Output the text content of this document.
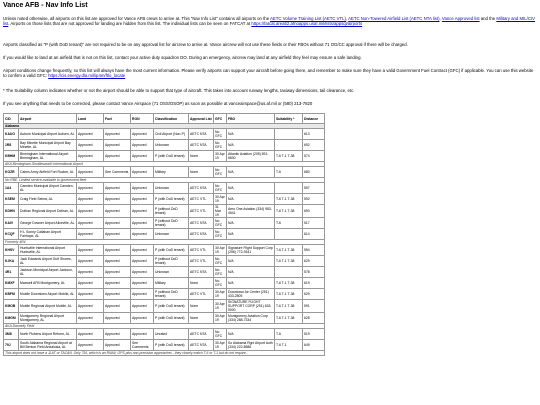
Vance AFB - Nav Info List
Unless noted otherwise, all airports on this list are approved for Vance AFB crews to arrive at. This "Nav Info List" contains all airports on the AETC Volume Training List (AETC VTL), AETC Non-Towered Airfield List (AETC NTA list), Vance Approved list and the Military and MIL/CIV list. Airports on those lists that are not approved for landing are hidden from this list. The individual lists can be seen on FATCAT at https://fatcat.area52.afnoapps.usaf.mil/lists/appsql/airports
Airports classified as "P (with DoD tenant)" are not required to be on any approval list for aircrew to arrive at. Vance aircrew will not use these fields or their FBOs without 71 OG/CC approval if there will be charged.
If you would like to land at an airfield that is not on this list, contact your active duty squadron DO. During an emergency, aircrew may land at any airfield they feel may ensure a safe landing.
Airport conditions change frequently, so this list will always have the most current information. Please verify airports can support your aircraft before going there, and remember to make sure they have a valid Government Fuel Contract (GFC) if applicable. You can use this website to confirm a valid GFC: https://cis.energy.dla.mil/ip4m/ftlo_locate
* The Suitability column indicates whether or not the airport should be able to support that type of aircraft. This takes into account runway lengths, taxiway dimensions, tail clearance, etc.
If you see anything that needs to be corrected, please contact Vance Airspace (71 OSS/OSOP) as soon as possible at vanceairspace@us.af.mil or (580) 213-7820
CID	Airport	Land	Fuel	RON	Classification	Approval List	GFC	FBO	Suitability *	Distance
Alabama										
KAUO	Auburn Municipal Airport Auburn, AL	Approved	Approved	Approved	Civil Airport (Non-P)	AETC NTA	No GFC	N/A		613
1R8	Bay Minette Municipal Airport Bay Minette, AL	Approved	Approved	Approved	Unknown	AETC NTA	No GFC	N/A		692
KBHM	Birmingham International Airport Birmingham, AL	Approved	Approved	Approved	P (with DoD tenant)	None	30 Apr 19	Atlantic Aviation (205) 591-6830	T-6 T-1 T-38	574
AKA Birmingham-Shuttlesworth International Airport										
KOZR	Cairns Army Airfield Fort Rucker, AL	Approved	See Comments	Approved	Military	None	No GFC	N/A	T-6	680
No RBE. Limited service available to government fleet.										
1A4	Camden Municipal Airport Camden, AL	Approved	Approved	Approved	Unknown	AETC NTA	No GFC	N/A		597
KSEM	Craig Field Selma, AL	Approved	Approved	Approved	P (with DoD tenant)	AETC VTL	30 Apr 19	N/A	T-6 T-1 T-38	592
KDHN	Dothan Regional Airport Dothan, AL	Approved	Approved	Approved	P (without DoD tenant)	AETC VTL	31 Mar 19	Aero One Aviation (334) 983-4541	T-6 T-1 T-38	690
KAIV	George Downer Airport Aliceville, AL	Approved	Approved	Approved	P (without DoD tenant)	AETC NTA	No GFC	N/A	T-6	517
KCQF	H L Sonny Callahan Airport Fairhope, AL	Approved	Approved	Approved	Unknown	AETC NTA	No GFC	N/A		614
Formerly 4R4										
KHSV	Huntsville International Airport Huntsville, AL	Approved	Approved	Approved	P (with DoD tenant)	AETC VTL	30 Apr 19	Signature Flight Support Corp (256) 772-9341	T-6 T-1 T-38	554
KJKA	Jack Edwards Airport Gulf Shores, AL	Approved	Approved	Approved	P (without DoD tenant)	AETC VTL	No GFC	N/A	T-6 T-1 T-38	629
4R1	Jackson Municipal Airport Jackson, AL	Approved	Approved	Approved	Unknown	AETC NTA	No GFC	N/A		578
KMXF	Maxwell AFB Montgomery, AL	Approved	Approved	Approved	Military	None	No GFC	N/A	T-6 T-1 T-38	619
KBFM	Mobile Downtown Airport Mobile, AL	Approved	Approved	Approved	P (without DoD tenant)	AETC VTL	30 Apr 19	Downtown Air Center (251) 433-2805	T-6 T-1 T-38	629
KMOB	Mobile Regional Airport Mobile, AL	Approved	Approved	Approved	P (with DoD tenant)	None	30 Apr 19	SIGNATURE FLIGHT SUPPORT CORP (251) 633-5000	T-6 T-1 T-38	591
KMGM	Montgomery Regional Airport Montgomery, AL	Approved	Approved	Approved	P (with DoD tenant)	None	30 Apr 19	Montgomery Aviation Corp (334) 288-7334	T-6 T-1 T-38	628
AKA Dannelly Field										
3M8	North Pickens Airport Reform, AL	Approved	Approved	Approved	Unrated	AETC NTA	No GFC	N/A	T-6	519
79J	South Alabama Regional Airport at Bill Benton Field Andalusia, AL	Approved	Approved	See Comments	P (with DoD tenant)	AETC NTA	30 Apr 19	So Alabama Rgnl Airport Auth (334) 222-8586	T-6 T-1	649
This airport does not have a JLAT or TACAN. Only 79J, which is an RNAV, GPS plus non-precision approaches - they closely match T-6 or T-1 but do not require...										
